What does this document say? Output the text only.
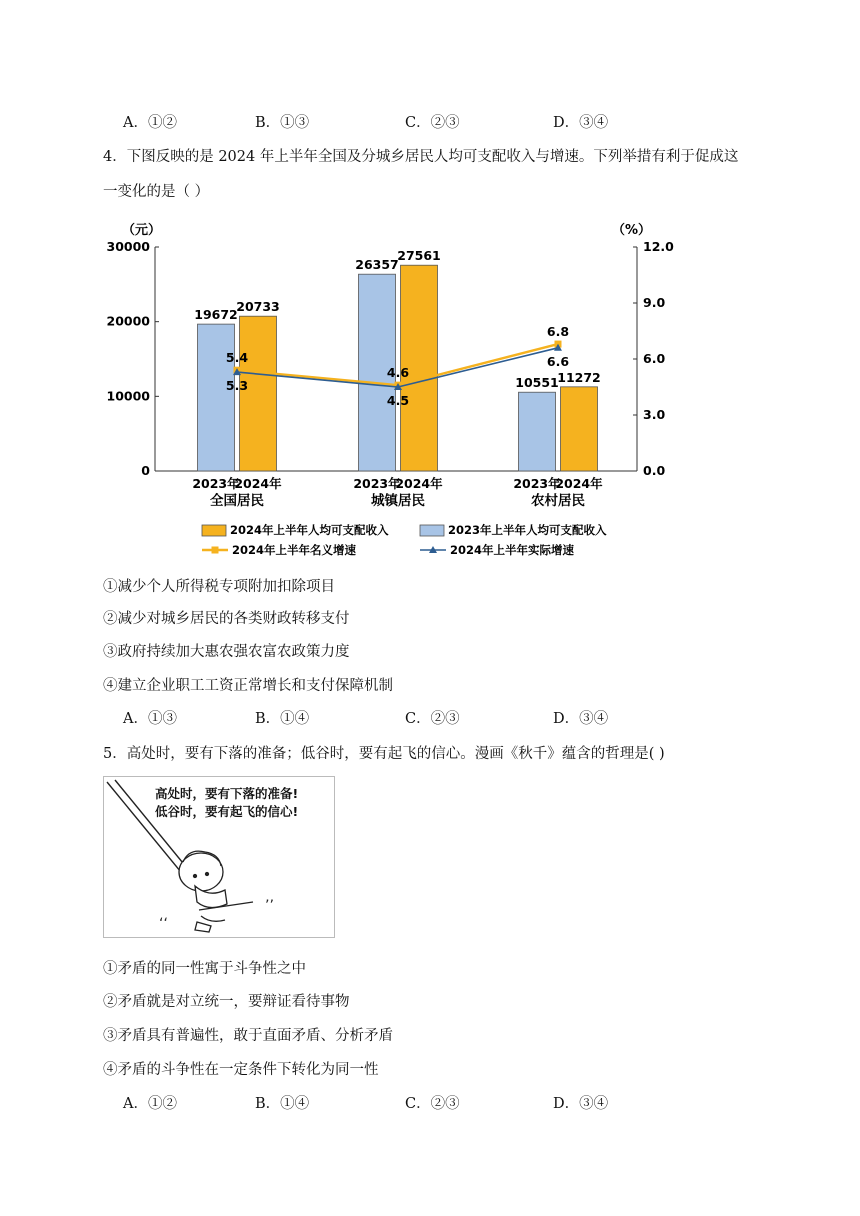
A．①②	B．①③	C．②③	D．③④
4．下图反映的是 2024 年上半年全国及分城乡居民人均可支配收入与增速。下列举措有利于促成这
一变化的是（ ）
（元）	（%）
0
10000
20000
30000
0.0
3.0
6.0
9.0
12.0
19672
2023年
20733
2024年
全国居民
26357
2023年
27561
2024年
城镇居民
10551
2023年
11272
2024年
农村居民
5.4
5.3
4.6
4.5
6.8
6.6
2024年上半年人均可支配收入	2023年上半年人均可支配收入
2024年上半年名义增速	2024年上半年实际增速
①减少个人所得税专项附加扣除项目
②减少对城乡居民的各类财政转移支付
③政府持续加大惠农强农富农政策力度
④建立企业职工工资正常增长和支付保障机制
A．①③	B．①④	C．②③	D．③④
5．高处时，要有下落的准备；低谷时，要有起飞的信心。漫画《秋千》蕴含的哲理是( )
高处时，要有下落的准备!
低谷时，要有起飞的信心!
‘‘
’’
①矛盾的同一性寓于斗争性之中
②矛盾就是对立统一，要辩证看待事物
③矛盾具有普遍性，敢于直面矛盾、分析矛盾
④矛盾的斗争性在一定条件下转化为同一性
A．①②	B．①④	C．②③	D．③④
